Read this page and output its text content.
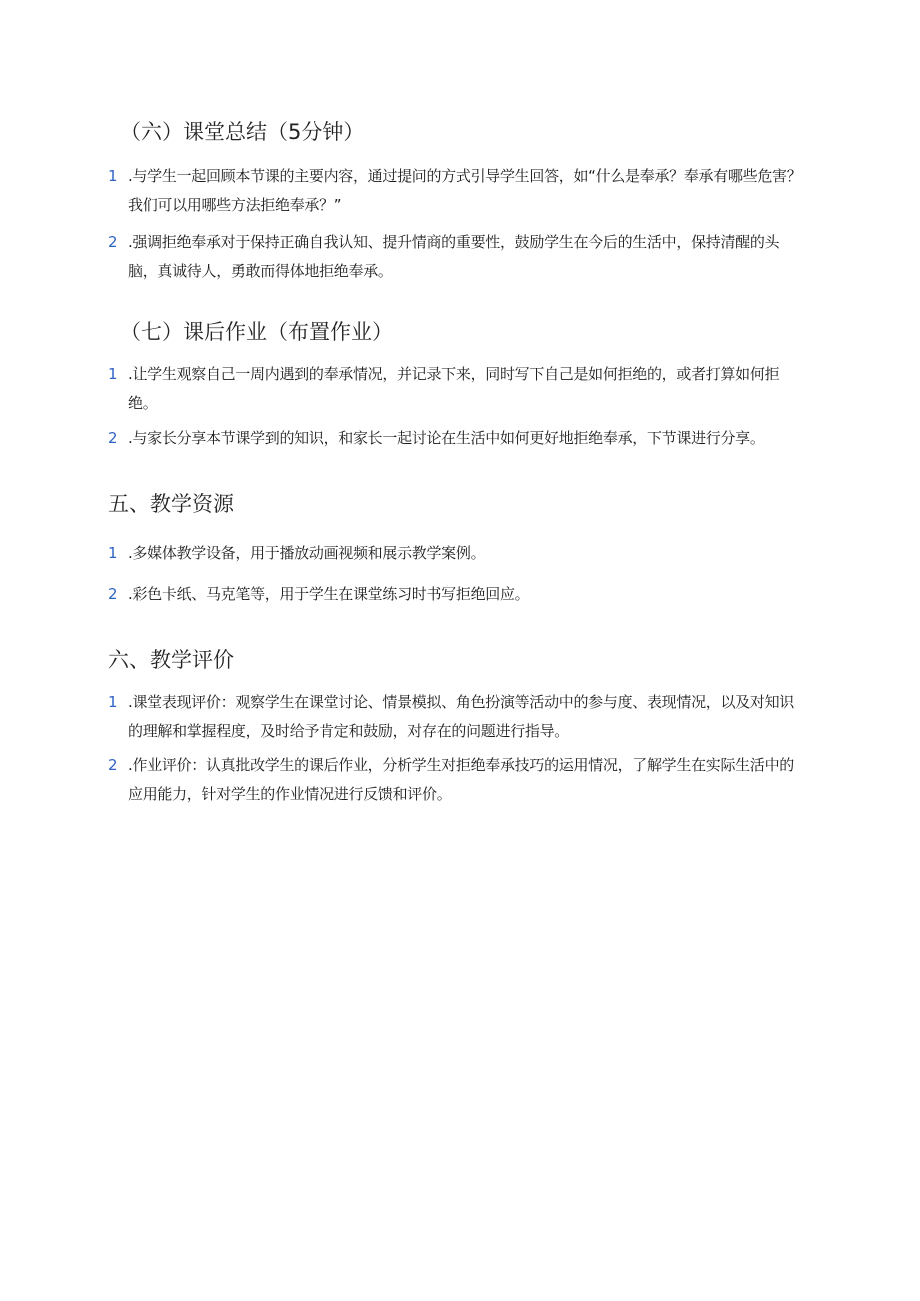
（六）课堂总结（5分钟）
1 .与学生一起回顾本节课的主要内容，通过提问的方式引导学生回答，如“什么是奉承？奉承有哪些危害？我们可以用哪些方法拒绝奉承？”
2 .强调拒绝奉承对于保持正确自我认知、提升情商的重要性，鼓励学生在今后的生活中，保持清醒的头脑，真诚待人，勇敢而得体地拒绝奉承。
（七）课后作业（布置作业）
1 .让学生观察自己一周内遇到的奉承情况，并记录下来，同时写下自己是如何拒绝的，或者打算如何拒绝。
2 .与家长分享本节课学到的知识，和家长一起讨论在生活中如何更好地拒绝奉承，下节课进行分享。
五、教学资源
1 .多媒体教学设备，用于播放动画视频和展示教学案例。
2 .彩色卡纸、马克笔等，用于学生在课堂练习时书写拒绝回应。
六、教学评价
1 .课堂表现评价：观察学生在课堂讨论、情景模拟、角色扮演等活动中的参与度、表现情况，以及对知识的理解和掌握程度，及时给予肯定和鼓励，对存在的问题进行指导。
2 .作业评价：认真批改学生的课后作业，分析学生对拒绝奉承技巧的运用情况，了解学生在实际生活中的应用能力，针对学生的作业情况进行反馈和评价。
